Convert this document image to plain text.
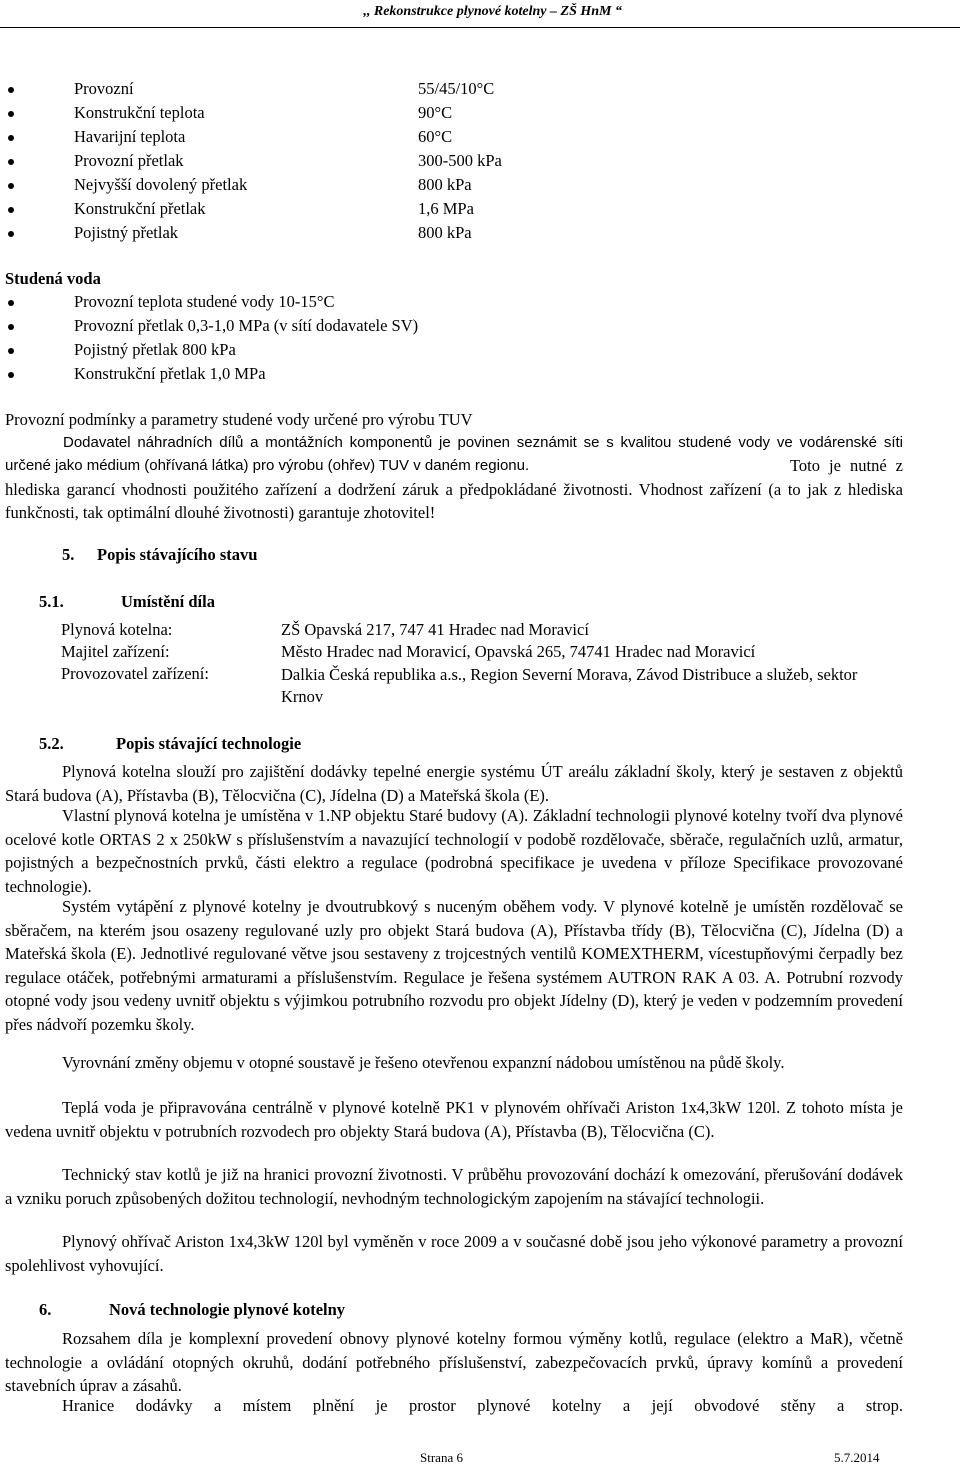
,, Rekonstrukce plynové kotelny – ZŠ HnM “
Provozní	55/45/10°C
Konstrukční teplota	90°C
Havarijní teplota	60°C
Provozní přetlak	300-500 kPa
Nejvyšší dovolený přetlak	800 kPa
Konstrukční přetlak	1,6 MPa
Pojistný přetlak	800 kPa
Studená voda
Provozní teplota studené vody 10-15°C
Provozní přetlak 0,3-1,0 MPa (v sítí dodavatele SV)
Pojistný přetlak 800 kPa
Konstrukční přetlak 1,0 MPa
Provozní podmínky a parametry studené vody určené pro výrobu TUV
Dodavatel náhradních dílů a montážních komponentů je povinen seznámit se s kvalitou studené vody ve vodárenské síti určené jako médium (ohřívaná látka) pro výrobu (ohřev) TUV v daném regionu.	Toto je nutné z hlediska garancí vhodnosti použitého zařízení a dodržení záruk a předpokládané životnosti. Vhodnost zařízení (a to jak z hlediska funkčnosti, tak optimální dlouhé životnosti) garantuje zhotovitel!
5. Popis stávajícího stavu
5.1.	Umístění díla
Plynová kotelna:	ZŠ Opavská 217, 747 41 Hradec nad Moravicí
Majitel zařízení:	Město Hradec nad Moravicí, Opavská 265, 74741 Hradec nad Moravicí
Provozovatel zařízení:	Dalkia Česká republika a.s., Region Severní Morava, Závod Distribuce a služeb, sektor Krnov
5.2.	Popis stávající technologie
Plynová kotelna slouží pro zajištění dodávky tepelné energie systému ÚT areálu základní školy, který je sestaven z objektů Stará budova (A), Přístavba (B), Tělocvična (C), Jídelna (D) a Mateřská škola (E).
Vlastní plynová kotelna je umístěna v 1.NP objektu Staré budovy (A). Základní technologii plynové kotelny tvoří dva plynové ocelové kotle ORTAS 2 x 250kW s příslušenstvím a navazující technologií v podobě rozdělovače, sběrače, regulačních uzlů, armatur, pojistných a bezpečnostních prvků, části elektro a regulace (podrobná specifikace je uvedena v příloze Specifikace provozované technologie).
Systém vytápění z plynové kotelny je dvoutrubkový s nuceným oběhem vody. V plynové kotelně je umístěn rozdělovač se sběračem, na kterém jsou osazeny regulované uzly pro objekt Stará budova (A), Přístavba třídy (B), Tělocvična (C), Jídelna (D) a Mateřská škola (E). Jednotlivé regulované větve jsou sestaveny z trojcestných ventilů KOMEXTHERM, vícestupňovými čerpadly bez regulace otáček, potřebnými armaturami a příslušenstvím. Regulace je řešena systémem AUTRON RAK A 03. A. Potrubní rozvody otopné vody jsou vedeny uvnitř objektu s výjimkou potrubního rozvodu pro objekt Jídelny (D), který je veden v podzemním provedení přes nádvoří pozemku školy.
Vyrovnání změny objemu v otopné soustavě je řešeno otevřenou expanzní nádobou umístěnou na půdě školy.
Teplá voda je připravována centrálně v plynové kotelně PK1 v plynovém ohřívači Ariston 1x4,3kW 120l. Z tohoto místa je vedena uvnitř objektu v potrubních rozvodech pro objekty Stará budova (A), Přístavba (B), Tělocvična (C).
Technický stav kotlů je již na hranici provozní životnosti. V průběhu provozování dochází k omezování, přerušování dodávek a vzniku poruch způsobených dožitou technologií, nevhodným technologickým zapojením na stávající technologii.
Plynový ohřívač Ariston 1x4,3kW 120l byl vyměněn v roce 2009 a v současné době jsou jeho výkonové parametry a provozní spolehlivost vyhovující.
6.	Nová technologie plynové kotelny
Rozsahem díla je komplexní provedení obnovy plynové kotelny formou výměny kotlů, regulace (elektro a MaR), včetně technologie a ovládání otopných okruhů, dodání potřebného příslušenství, zabezpečovacích prvků, úpravy komínů a provedení stavebních úprav a zásahů.
Hranice dodávky a místem plnění je prostor plynové kotelny a její obvodové stěny a strop.
Strana 6	5.7.2014
